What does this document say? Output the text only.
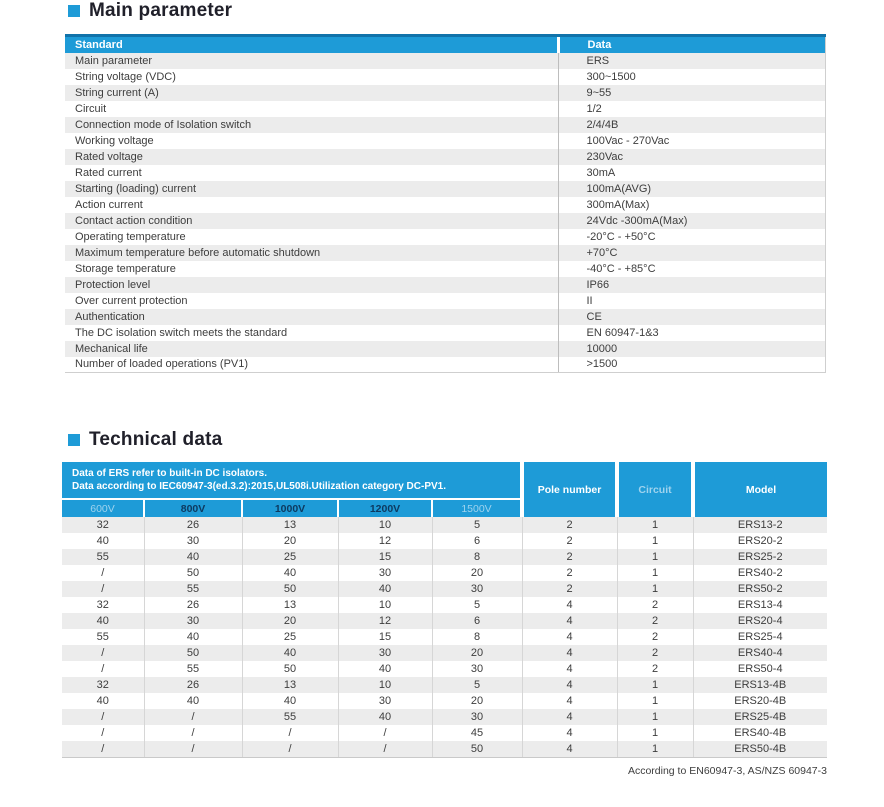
Main parameter
Standard	Data
Main parameter	ERS
String voltage (VDC)	300~1500
String current (A)	9~55
Circuit	1/2
Connection mode of Isolation switch	2/4/4B
Working voltage	100Vac - 270Vac
Rated voltage	230Vac
Rated current	30mA
Starting (loading) current	100mA(AVG)
Action current	300mA(Max)
Contact action condition	24Vdc -300mA(Max)
Operating temperature	-20°C - +50°C
Maximum temperature before automatic shutdown	+70°C
Storage temperature	-40°C - +85°C
Protection level	IP66
Over current protection	II
Authentication	CE
The DC isolation switch meets the standard	EN 60947-1&3
Mechanical life	10000
Number of loaded operations (PV1)	>1500
Technical data
Data of ERS refer to built-in DC isolators.
Data according to IEC60947-3(ed.3.2):2015,UL508i.Utilization category DC-PV1.					Pole number	Circuit	Model
600V	800V	1000V	1200V	1500V			
32	26	13	10	5	2	1	ERS13-2
40	30	20	12	6	2	1	ERS20-2
55	40	25	15	8	2	1	ERS25-2
/	50	40	30	20	2	1	ERS40-2
/	55	50	40	30	2	1	ERS50-2
32	26	13	10	5	4	2	ERS13-4
40	30	20	12	6	4	2	ERS20-4
55	40	25	15	8	4	2	ERS25-4
/	50	40	30	20	4	2	ERS40-4
/	55	50	40	30	4	2	ERS50-4
32	26	13	10	5	4	1	ERS13-4B
40	40	40	30	20	4	1	ERS20-4B
/	/	55	40	30	4	1	ERS25-4B
/	/	/	/	45	4	1	ERS40-4B
/	/	/	/	50	4	1	ERS50-4B
According to EN60947-3, AS/NZS 60947-3
